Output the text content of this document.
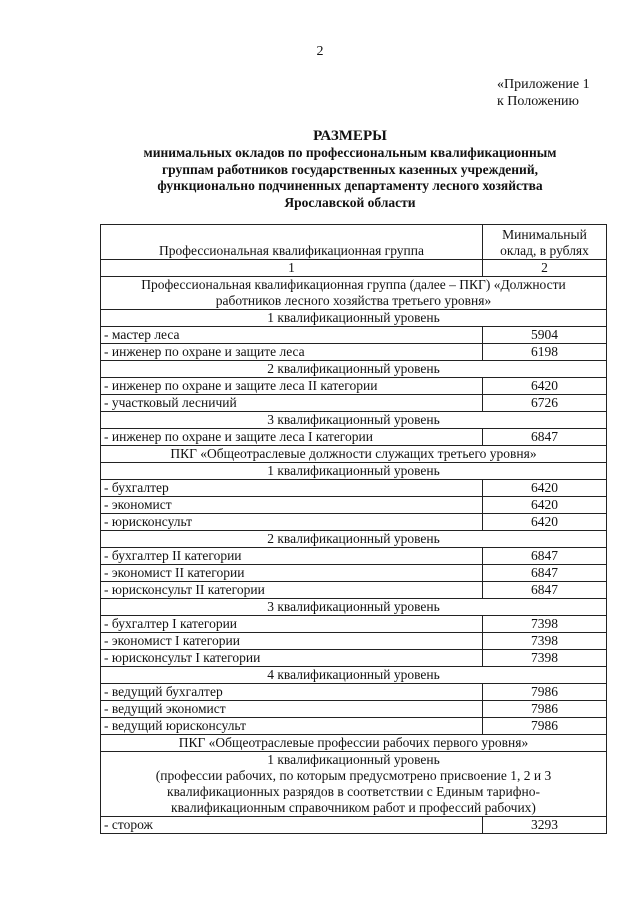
2
«Приложение 1
к Положению
РАЗМЕРЫ
минимальных окладов по профессиональным квалификационным
группам работников государственных казенных учреждений,
функционально подчиненных департаменту лесного хозяйства
Ярославской области
Профессиональная квалификационная группа	Минимальный
оклад, в рублях

1	2

Профессиональная квалификационная группа (далее – ПКГ) «Должности
работников лесного хозяйства третьего уровня»	

1 квалификационный уровень	
- мастер леса	5904
- инженер по охране и защите леса	6198
2 квалификационный уровень	
- инженер по охране и защите леса II категории	6420
- участковый лесничий	6726
3 квалификационный уровень	
- инженер по охране и защите леса I категории	6847
ПКГ «Общеотраслевые должности служащих третьего уровня»	
1 квалификационный уровень	
- бухгалтер	6420
- экономист	6420
- юрисконсульт	6420
2 квалификационный уровень	
- бухгалтер II категории	6847
- экономист II категории	6847
- юрисконсульт II категории	6847
3 квалификационный уровень	
- бухгалтер I категории	7398
- экономист I категории	7398
- юрисконсульт I категории	7398
4 квалификационный уровень	
- ведущий бухгалтер	7986
- ведущий экономист	7986
- ведущий юрисконсульт	7986
ПКГ «Общеотраслевые профессии рабочих первого уровня»	

1 квалификационный уровень
(профессии рабочих, по которым предусмотрено присвоение 1, 2 и 3
квалификационных разрядов в соответствии с Единым тарифно-
квалификационным справочником работ и профессий рабочих)	

- сторож	3293
